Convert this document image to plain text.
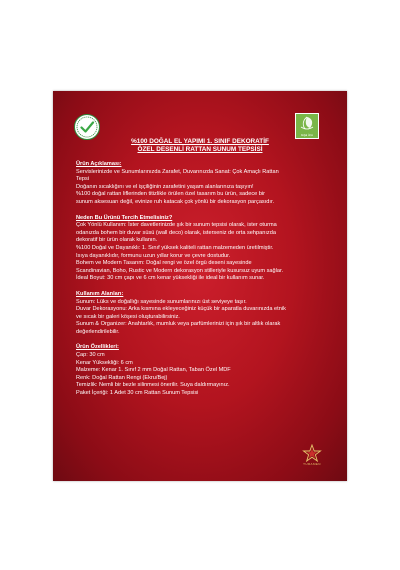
Doğal Ürün
%100 DOĞAL EL YAPIMI 1. SINIF DEKORATİF
ÖZEL DESENLİ RATTAN SUNUM TEPSİSİ
Ürün Açıklaması:
Servislerinizde ve Sunumlarınızda Zarafet, Duvarınızda Sanat: Çok Amaçlı Rattan
Tepsi
Doğanın sıcaklığını ve el işçiliğinin zarafetini yaşam alanlarınıza taşıyın!
%100 doğal rattan liflerinden titizlikle örülen özel tasarım bu ürün, sadece bir
sunum aksesuarı değil, evinize ruh katacak çok yönlü bir dekorasyon parçasıdır.
Neden Bu Ürünü Tercih Etmelisiniz?
Çok Yönlü Kullanım: İster davetlerinizde şık bir sunum tepsisi olarak, ister oturma
odanızda bohem bir duvar süsü (wall deco) olarak, isterseniz de orta sehpanızda
dekoratif bir ürün olarak kullanın.
%100 Doğal ve Dayanıklı: 1. Sınıf yüksek kaliteli rattan malzemeden üretilmiştir.
Isıya dayanıklıdır, formunu uzun yıllar korur ve çevre dostudur.
Bohem ve Modern Tasarım: Doğal rengi ve özel örgü deseni sayesinde
Scandinavian, Boho, Rustic ve Modern dekorasyon stilleriyle kusursuz uyum sağlar.
İdeal Boyut: 30 cm çapı ve 6 cm kenar yüksekliği ile ideal bir kullanım sunar.
Kullanım Alanları:
Sunum: Lüks ve doğallığı sayesinde sunumlarınızı üst seviyeye taşır.
Duvar Dekorasyonu: Arka kısmına ekleyeceğiniz küçük bir aparatla duvarınızda etnik
ve sıcak bir galeri köşesi oluşturabilirsiniz.
Sunum & Organizer: Anahtarlık, mumluk veya parfümlerinizi için şık bir altlık olarak
değerlendirilebilir.
Ürün Özellikleri:
Çap: 30 cm
Kenar Yüksekliği: 6 cm
Malzeme: Kenar 1. Sınıf 2 mm Doğal Rattan, Taban Özel MDF
Renk: Doğal Rattan Rengi (Ekru/Bej)
Temizlik: Nemli bir bezle silinmesi önerilir. Suya daldırmayınız.
Paket İçeriği: 1 Adet 30 cm Rattan Sunum Tepsisi
TURAMEN
